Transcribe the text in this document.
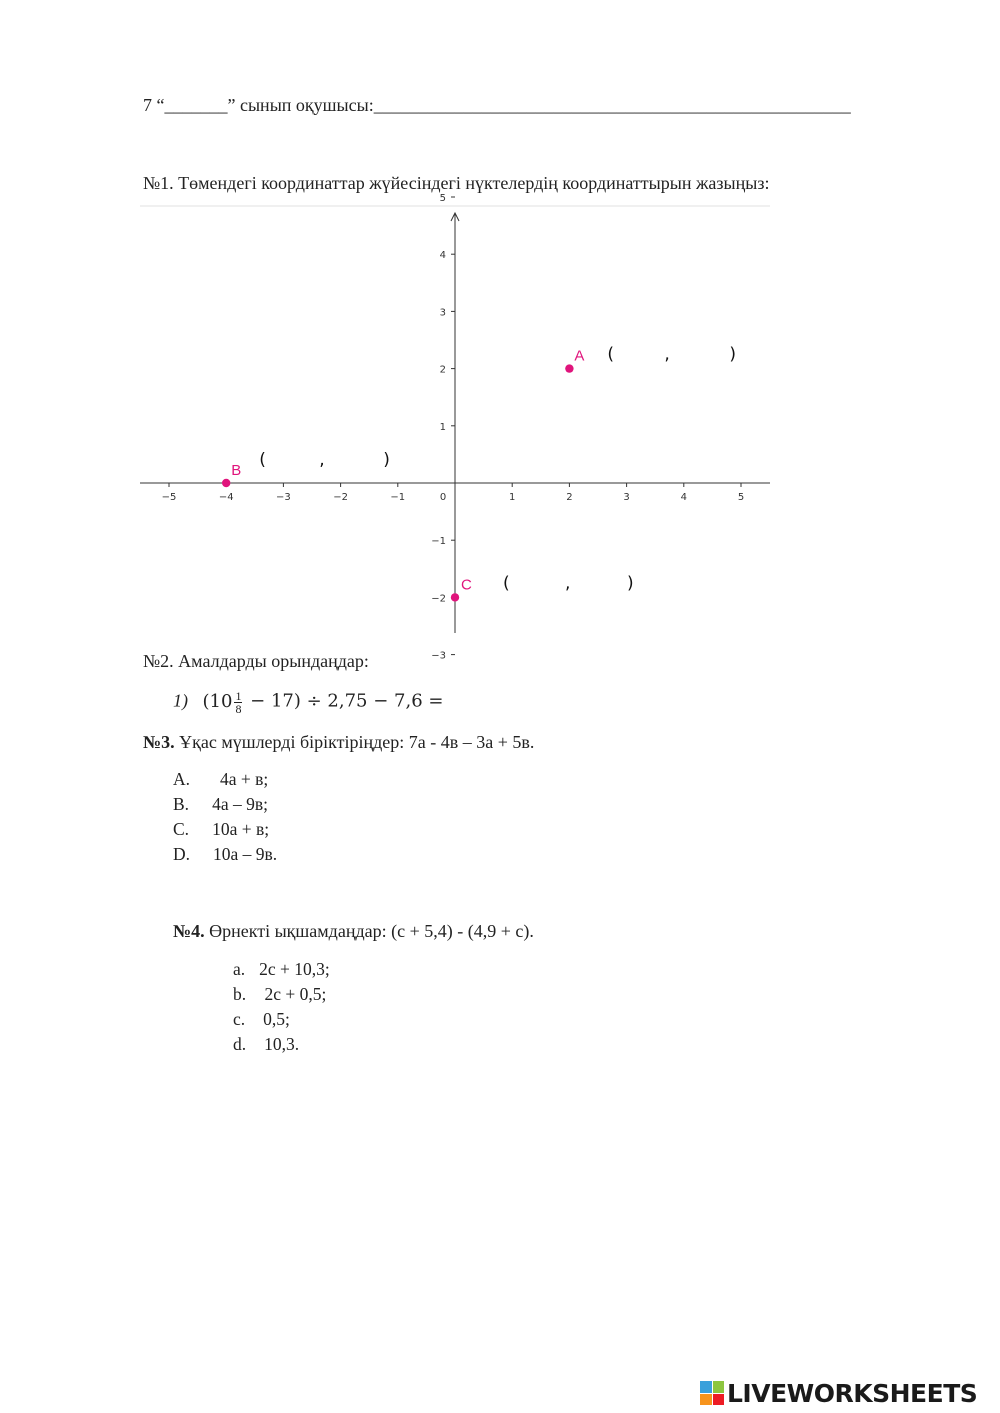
7 “_______” сынып оқушысы:_____________________________________________________
№1. Төмендегі координаттар жүйесіндегі нүктелердің координаттырын жазыңыз:
−5	−4	−3	−2	−1	1	2	3	4	5
0
5
4
3
2
1
−1
−2
−3
A (	,	)
B
(	,	)
C (	,	)
№2. Амалдарды орындаңдар:
1) $(10 \frac{1}{8} - 17) \div 2,75 - 7,6$ =
№3. Ұқас мүшлерді біріктіріңдер: 7а - 4в – 3а + 5в.
A. 4a + в;
B. 4а – 9в;
C. 10а + в;
D. 10а – 9в.
№4. Өрнекті ықшамдаңдар: (с + 5,4) - (4,9 + с).
a. 2с + 10,3;
b. 2с + 0,5;
c. 0,5;
d. 10,3.
LIVEWORKSHEETS
